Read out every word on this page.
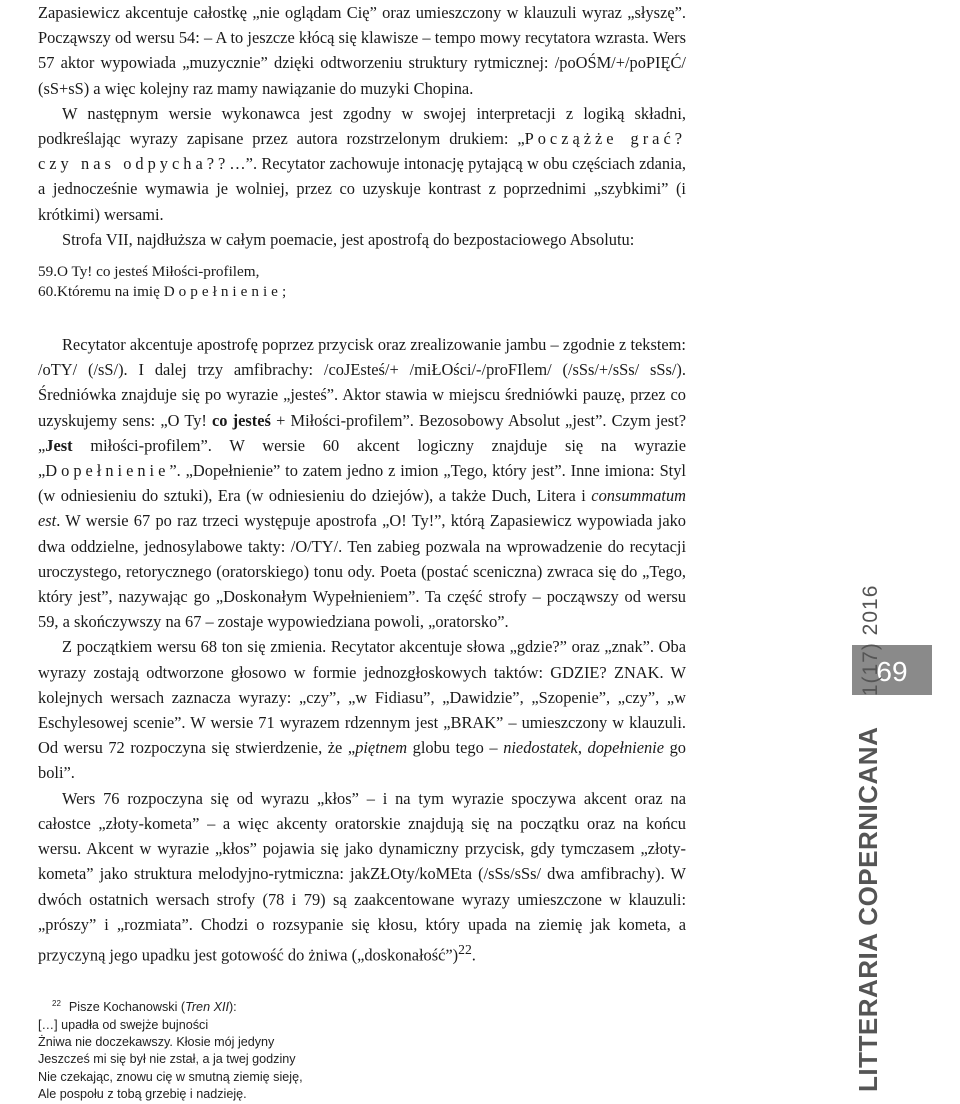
Zapasiewicz akcentuje całostkę „nie oglądam Cię” oraz umieszczony w klauzuli wyraz „słyszę”. Począwszy od wersu 54: – A to jeszcze kłócą się klawisze – tempo mowy recytatora wzrasta. Wers 57 aktor wypowiada „muzycznie” dzięki odtworzeniu struktury rytmicznej: /poOŚM/+/poPIĘĆ/ (sS+sS) a więc kolejny raz mamy nawiązanie do muzyki Chopina.

W następnym wersie wykonawca jest zgodny w swojej interpretacji z logiką składni, podkreślając wyrazy zapisane przez autora rozstrzelonym drukiem: „Począżże grać? czy nas odpycha??…”. Recytator zachowuje intonację pytającą w obu częściach zdania, a jednocześnie wymawia je wolniej, przez co uzyskuje kontrast z poprzednimi „szybkimi” (i krótkimi) wersami.

Strofa VII, najdłuższa w całym poemacie, jest apostrofą do bezpostaciowego Absolutu:

59.O Ty! co jesteś Miłości-profilem,
60.Któremu na imię Dopełnienie;

Recytator akcentuje apostrofę poprzez przycisk oraz zrealizowanie jambu – zgodnie z tekstem: /oTY/ (/sS/). I dalej trzy amfibrachy: /coJEsteś/+ /miŁOści/-/proFIlem/ (/sSs/+/sSs/ sSs/). Średniówka znajduje się po wyrazie „jesteś”. Aktor stawia w miejscu średniówki pauzę, przez co uzyskujemy sens: „O Ty! co jesteś + Miłości-profilem”. Bezosobowy Absolut „jest”. Czym jest? „Jest miłości-profilem”. W wersie 60 akcent logiczny znajduje się na wyrazie „Dopełnienie”. „Dopełnienie” to zatem jedno z imion „Tego, który jest”. Inne imiona: Styl (w odniesieniu do sztuki), Era (w odniesieniu do dziejów), a także Duch, Litera i consummatum est. W wersie 67 po raz trzeci występuje apostrofa „O! Ty!”, którą Zapasiewicz wypowiada jako dwa oddzielne, jednosylabowe takty: /O/TY/. Ten zabieg pozwala na wprowadzenie do recytacji uroczystego, retorycznego (oratorskiego) tonu ody. Poeta (postać sceniczna) zwraca się do „Tego, który jest”, nazywając go „Doskonałym Wypełnieniem”. Ta część strofy – począwszy od wersu 59, a skończywszy na 67 – zostaje wypowiedziana powoli, „oratorsko”.

Z początkiem wersu 68 ton się zmienia. Recytator akcentuje słowa „gdzie?” oraz „znak”. Oba wyrazy zostają odtworzone głosowo w formie jednozgłoskowych taktów: GDZIE? ZNAK. W kolejnych wersach zaznacza wyrazy: „czy”, „w Fidiasu”, „Dawidzie”, „Szopenie”, „czy”, „w Eschylesowej scenie”. W wersie 71 wyrazem rdzennym jest „BRAK” – umieszczony w klauzuli. Od wersu 72 rozpoczyna się stwierdzenie, że „piętnem globu tego – niedostatek, dopełnienie go boli”.

Wers 76 rozpoczyna się od wyrazu „kłos” – i na tym wyrazie spoczywa akcent oraz na całostce „złoty-kometa” – a więc akcenty oratorskie znajdują się na początku oraz na końcu wersu. Akcent w wyrazie „kłos” pojawia się jako dynamiczny przycisk, gdy tymczasem „złoty-kometa” jako struktura melodyjno-rytmiczna: jakZŁOty/koMEta (/sSs/sSs/ dwa amfibrachy). W dwóch ostatnich wersach strofy (78 i 79) są zaakcentowane wyrazy umieszczone w klauzuli: „prószy” i „rozmiata”. Chodzi o rozsypanie się kłosu, który upada na ziemię jak kometa, a przyczyną jego upadku jest gotowość do żniwa („doskonałość”)$^{22}$.

$^{22}$ Pisze Kochanowski (Tren XII):
[…] upadła od swejże bujności
Żniwa nie doczekawszy. Kłosie mój jedyny
Jeszcześ mi się był nie zstał, a ja twej godziny
Nie czekając, znowu cię w smutną ziemię sieję,
Ale pospołu z tobą grzebię i nadzieję.
69
LITTERARIA COPERNICANA 1(17) 2016
